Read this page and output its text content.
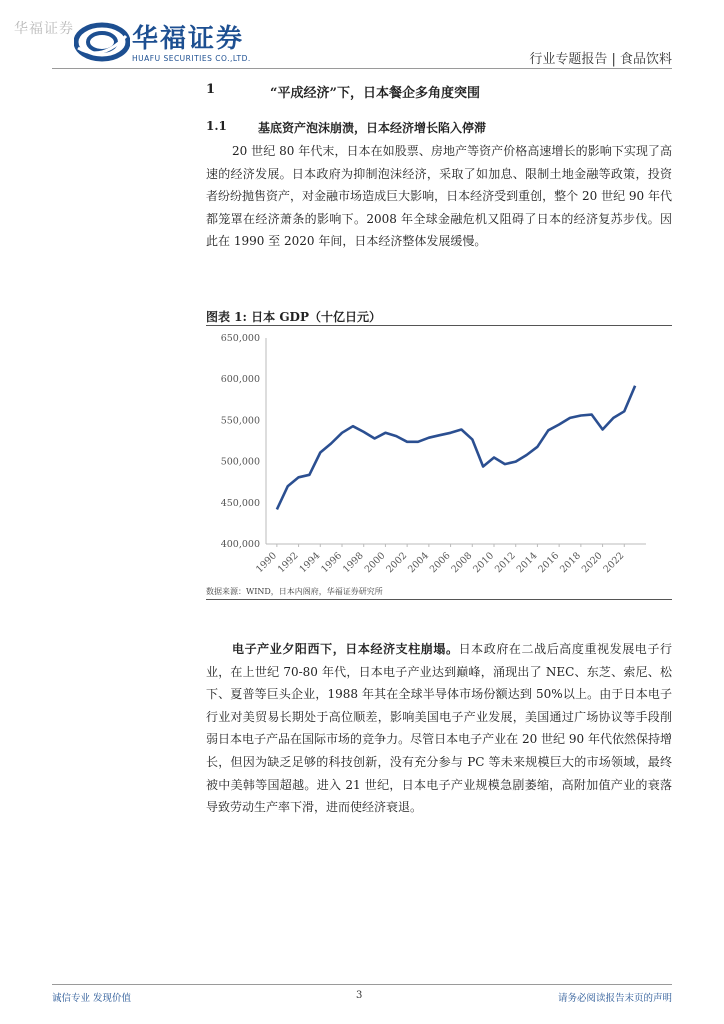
华福证券 华福证券
HUAFU SECURITIES CO.,LTD.	行业专题报告 | 食品饮料
1	“平成经济”下，日本餐企多角度突围
1.1	基底资产泡沫崩溃，日本经济增长陷入停滞
20 世纪 80 年代末，日本在如股票、房地产等资产价格高速增长的影响下实现了高速的经济发展。日本政府为抑制泡沫经济，采取了如加息、限制土地金融等政策，投资者纷纷抛售资产，对金融市场造成巨大影响，日本经济受到重创，整个 20 世纪 90 年代都笼罩在经济萧条的影响下。2008 年全球金融危机又阻碍了日本的经济复苏步伐。因此在 1990 至 2020 年间，日本经济整体发展缓慢。
图表 1: 日本 GDP（十亿日元）
650,000
600,000
550,000
500,000
450,000
400,000
1990
1992
1994
1996
1998
2000
2002
2004
2006
2008
2010
2012
2014
2016
2018
2020
2022
数据来源：WIND，日本内阁府，华福证券研究所
电子产业夕阳西下，日本经济支柱崩塌。日本政府在二战后高度重视发展电子行业，在上世纪 70-80 年代，日本电子产业达到巅峰，涌现出了 NEC、东芝、索尼、松下、夏普等巨头企业，1988 年其在全球半导体市场份额达到 50%以上。由于日本电子行业对美贸易长期处于高位顺差，影响美国电子产业发展，美国通过广场协议等手段削弱日本电子产品在国际市场的竞争力。尽管日本电子产业在 20 世纪 90 年代依然保持增长，但因为缺乏足够的科技创新，没有充分参与 PC 等未来规模巨大的市场领域，最终被中美韩等国超越。进入 21 世纪，日本电子产业规模急剧萎缩，高附加值产业的衰落导致劳动生产率下滑，进而使经济衰退。
诚信专业 发现价值	3	请务必阅读报告末页的声明
